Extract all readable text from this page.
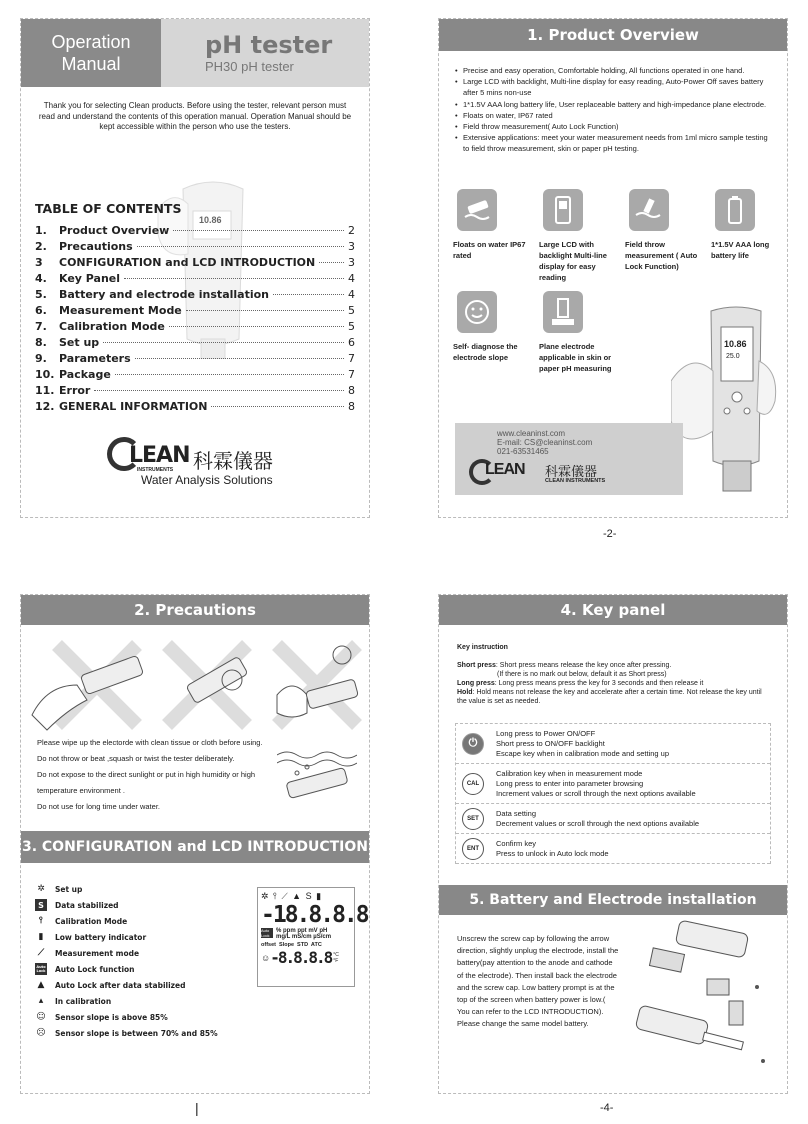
Operation Manual
pH tester
PH30 pH tester
Thank you for selecting Clean products. Before using the tester, relevant person must read and understand the contents of this operation manual. Operation Manual should be kept accessible within the person who use the testers.
10.86
TABLE OF CONTENTS
1.	Product Overview	2
2.	Precautions	3
3	CONFIGURATION and LCD INTRODUCTION	3
4.	Key Panel	4
5.	Battery and electrode installation	4
6.	Measurement Mode	5
7.	Calibration Mode	5
8.	Set up	6
9.	Parameters	7
10. Package	7
11. Error	8
12. GENERAL INFORMATION	8
LEAN
INSTRUMENTS 科霖儀器
Water Analysis Solutions
1. Product Overview
• Precise and easy operation, Comfortable holding, All functions operated in one hand.
• Large LCD with backlight, Multi-line display for easy reading, Auto-Power Off saves battery after 5 mins non-use
• 1*1.5V AAA long battery life, User replaceable battery and high-impedance plane electrode.
• Floats on water, IP67 rated
• Field throw measurement( Auto Lock Function)
• Extensive applications: meet your water measurement needs from 1ml micro sample testing to field throw measurement, skin or paper pH testing.
Floats on water IP67 rated
Large LCD with backlight Multi-line display for easy reading
Field throw measurement ( Auto Lock Function)
1*1.5V AAA long battery life
Self- diagnose the electrode slope
Plane electrode applicable in skin or paper pH measuring
10.86
25.0
www.cleaninst.com
E-mail: CS@cleaninst.com
021-63531465
LEAN 科霖儀器
CLEAN INSTRUMENTS
-2-
2. Precautions
Please wipe up the electorde with clean tissue or cloth before using.
Do not throw or beat ,squash or twist the tester deliberately.
Do not expose to the direct sunlight or put in high humidity or high temperature environment .
Do not use for long time under water.
3. CONFIGURATION and LCD INTRODUCTION
✲ Set up
S	Data stabilized
⫯	Calibration Mode
▮	Low battery indicator
⟋	Measurement mode
Auto Lock Auto Lock function
▲	Auto Lock after data stabilized
▴	In calibration
☺ Sensor slope is above 85%
☹ Sensor slope is between 70% and 85%
✲ ⫯ ⟋ ▲ S ▮
-18.8.8.8
Auto Lock
% ppm ppt mV pH
mg/L mS/cm µS/cm
offset  Slope  STD  ATC
☺ -8.8.8.8 °C °F
|
4. Key panel
Key instruction
Short press: Short press means release the key once after pressing.
(If there is no mark out below, default it as Short press)
Long press: Long press means press the key for 3 seconds and then release it
Hold: Hold means not release the key and accelerate after a certain time. Not release the key until the value is set as needed.
⏻
Long press to Power ON/OFF
Short press to ON/OFF backlight
Escape key when in calibration mode and setting up
CAL
Calibration key when in measurement mode
Long press to enter into parameter browsing
Increment values or scroll through the next options available
SET
Data setting
Decrement values or scroll through the next options available
ENT
Confirm key
Press to unlock in Auto lock mode
5. Battery and Electrode installation
Unscrew the screw cap by following the arrow direction, slightly unplug the electrode, install the battery(pay attention to the anode and cathode of the electrode). Then install back the electrode and the screw cap. Low battery prompt is at the top of the screen when battery power is low.( You can refer to the LCD INTRODUCTION). Please change the same model battery.
-4-
